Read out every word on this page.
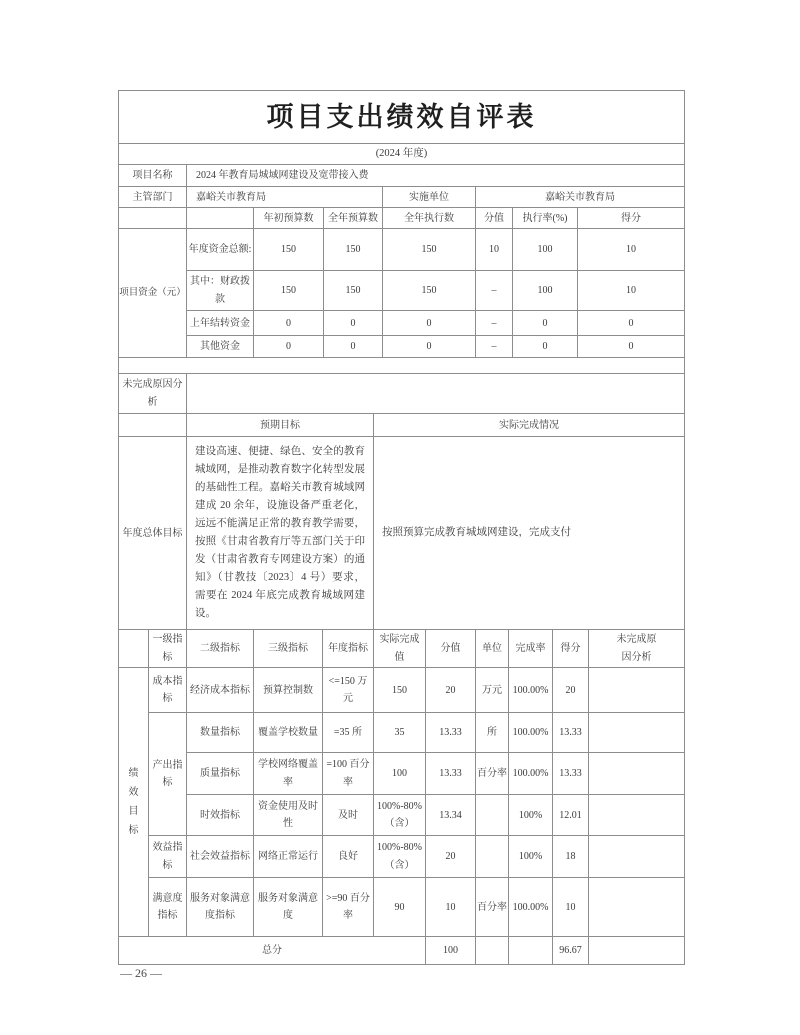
项目支出绩效自评表							
(2024 年度)							
项目名称	2024 年教育局城域网建设及宽带接入费						
主管部门	嘉峪关市教育局			实施单位	嘉峪关市教育局		
		年初预算数	全年预算数	全年执行数	分值	执行率(%)	得分
项目资金（元）	年度资金总额:	150	150	150	10	100	10
	其中：财政拨款	150	150	150	–	100	10
	上年结转资金	0	0	0	–	0	0
	其他资金	0	0	0	–	0	0

未完成原因分析							
	预期目标	实际完成情况
年度总体目标	建设高速、便捷、绿色、安全的教育城域网，是推动教育数字化转型发展的基础性工程。嘉峪关市教育城域网建成 20 余年，设施设备严重老化，远远不能满足正常的教育教学需要，按照《甘肃省教育厅等五部门关于印发（甘肃省教育专网建设方案）的通知》（甘教技〔2023〕4 号）要求，需要在 2024 年底完成教育城域网建设。	按照预算完成教育城域网建设，完成支付
	一级指标	二级指标	三级指标	年度指标	实际完成值	分值	单位	完成率	得分	未完成原因分析

绩效目标	成本指标	经济成本指标	预算控制数	<=150 万元	150	20	万元	100.00%	20	
	产出指标	数量指标	覆盖学校数量	=35 所	35	13.33	所	100.00%	13.33	
		质量指标	学校网络覆盖率	=100 百分率	100	13.33	百分率	100.00%	13.33	
		时效指标	资金使用及时性	及时	100%-80%（含）	13.34		100%	12.01	
	效益指标	社会效益指标	网络正常运行	良好	100%-80%（含）	20		100%	18	
	满意度指标	服务对象满意度指标	服务对象满意度	>=90 百分率	90	10	百分率	100.00%	10	
总分						100			96.67	
— 26 —
